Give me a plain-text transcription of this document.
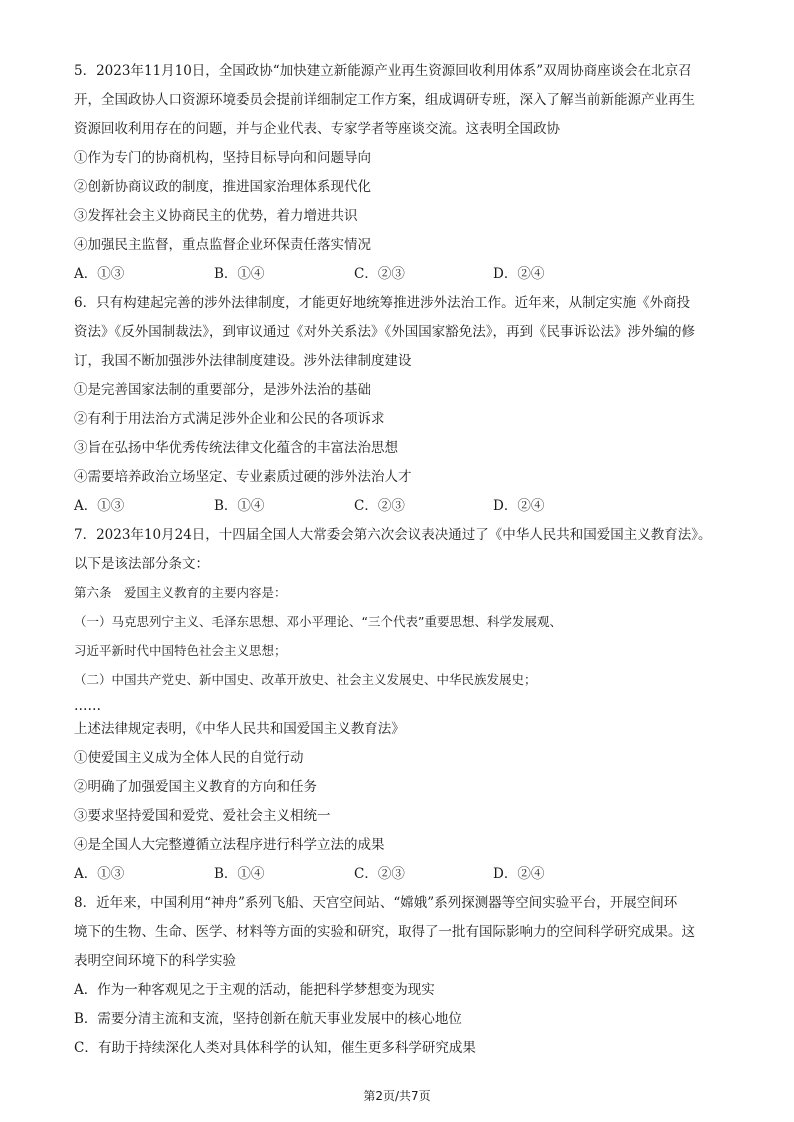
5．2023年11月10日，全国政协“加快建立新能源产业再生资源回收利用体系”双周协商座谈会在北京召
开，全国政协人口资源环境委员会提前详细制定工作方案，组成调研专班，深入了解当前新能源产业再生
资源回收利用存在的问题，并与企业代表、专家学者等座谈交流。这表明全国政协
①作为专门的协商机构，坚持目标导向和问题导向
②创新协商议政的制度，推进国家治理体系现代化
③发挥社会主义协商民主的优势，着力增进共识
④加强民主监督，重点监督企业环保责任落实情况
A．①③	B．①④	C．②③	D．②④
6．只有构建起完善的涉外法律制度，才能更好地统筹推进涉外法治工作。近年来，从制定实施《外商投
资法》《反外国制裁法》，到审议通过《对外关系法》《外国国家豁免法》，再到《民事诉讼法》涉外编的修
订，我国不断加强涉外法律制度建设。涉外法律制度建设
①是完善国家法制的重要部分，是涉外法治的基础
②有利于用法治方式满足涉外企业和公民的各项诉求
③旨在弘扬中华优秀传统法律文化蕴含的丰富法治思想
④需要培养政治立场坚定、专业素质过硬的涉外法治人才
A．①③	B．①④	C．②③	D．②④
7．2023年10月24日，十四届全国人大常委会第六次会议表决通过了《中华人民共和国爱国主义教育法》。
以下是该法部分条文：
第六条　爱国主义教育的主要内容是：
（一）马克思列宁主义、毛泽东思想、邓小平理论、“三个代表”重要思想、科学发展观、
习近平新时代中国特色社会主义思想；
（二）中国共产党史、新中国史、改革开放史、社会主义发展史、中华民族发展史；
……
上述法律规定表明，《中华人民共和国爱国主义教育法》
①使爱国主义成为全体人民的自觉行动
②明确了加强爱国主义教育的方向和任务
③要求坚持爱国和爱党、爱社会主义相统一
④是全国人大完整遵循立法程序进行科学立法的成果
A．①③	B．①④	C．②③	D．②④
8．近年来，中国利用“神舟”系列飞船、天宫空间站、“嫦娥”系列探测器等空间实验平台，开展空间环
境下的生物、生命、医学、材料等方面的实验和研究，取得了一批有国际影响力的空间科学研究成果。这
表明空间环境下的科学实验
A．作为一种客观见之于主观的活动，能把科学梦想变为现实
B．需要分清主流和支流，坚持创新在航天事业发展中的核心地位
C．有助于持续深化人类对具体科学的认知，催生更多科学研究成果
第2页/共7页
